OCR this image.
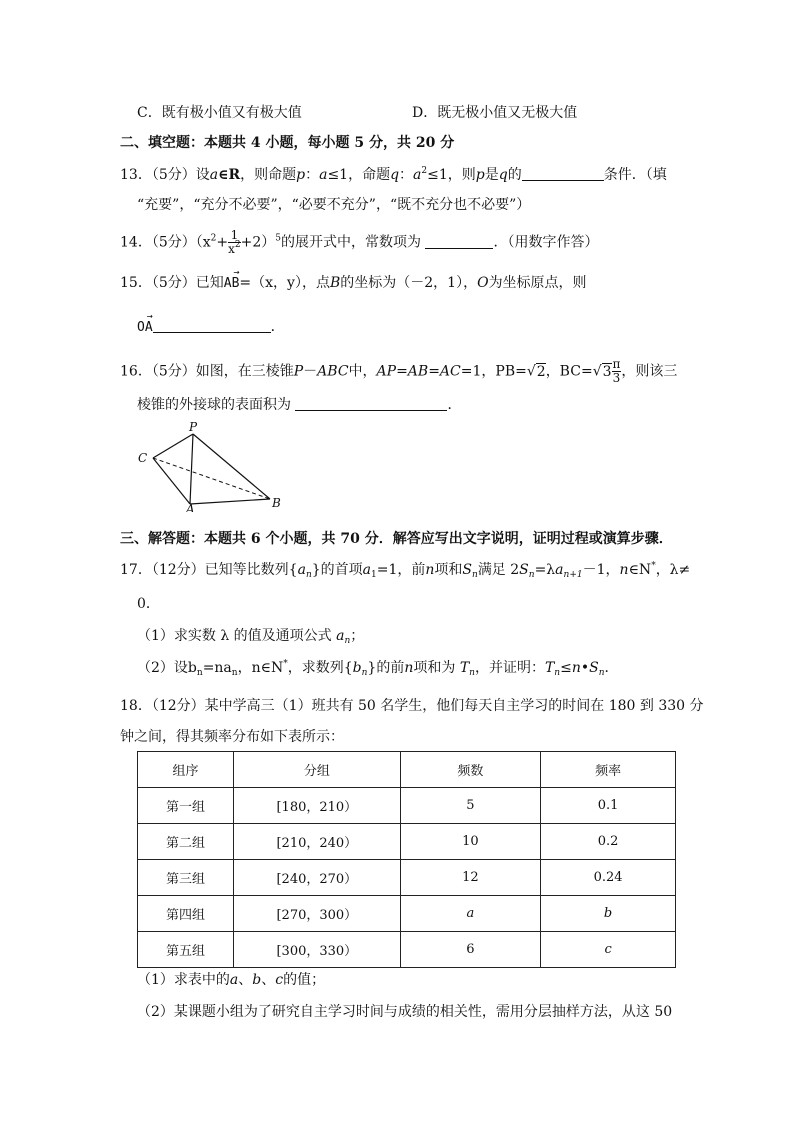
C．既有极小值又有极大值	D．既无极小值又无极大值
二、填空题：本题共 4 小题，每小题 5 分，共 20 分
13．（5分）设a∈R，则命题p：a≤1，命题q：$a^2\le 1$，则p是q的	条件．（填
“充要”，“充分不必要”，“必要不充分”，“既不充分也不必要”）
14．（5分）$(x^2+ \frac{1}{x^2} +2)^5$的展开式中，常数项为	．（用数字作答）
15．（5分）已知→ AB=（x，y），点B的坐标为（－2，1），O为坐标原点，则
→ OA	．
16．（5分）如图，在三棱锥P－ABC中，AP=AB=AC=1，PB=√2，$BC=√3 \frac{\pi}{3}$ ，则该三
棱锥的外接球的表面积为	．
P
C
A	B
三、解答题：本题共 6 个小题，共 70 分．解答应写出文字说明，证明过程或演算步骤．
17．（12分）已知等比数列$\{a_n\}$的首项$a_1=1$，前n项和$S_n$满足 $2S_n=\lambda a_{n+1}-1$，n∈N*，λ≠
0．
（1）求实数 λ 的值及通项公式 $a_n$；
（2）设$b_n=na_n$，n∈N*，求数列$\{b_n\}$的前n项和为 $T_n$，并证明：$T_n\le n•S_n$．
18．（12分）某中学高三（1）班共有 50 名学生，他们每天自主学习的时间在 180 到 330 分
钟之间，得其频率分布如下表所示：
组序	分组	频数	频率
第一组	[180，210）	5	0.1
第二组	[210，240）	10	0.2
第三组	[240，270）	12	0.24
第四组	[270，300）	a	b
第五组	[300，330）	6	c
（1）求表中的a、b、c的值；
（2）某课题小组为了研究自主学习时间与成绩的相关性，需用分层抽样方法，从这 50
